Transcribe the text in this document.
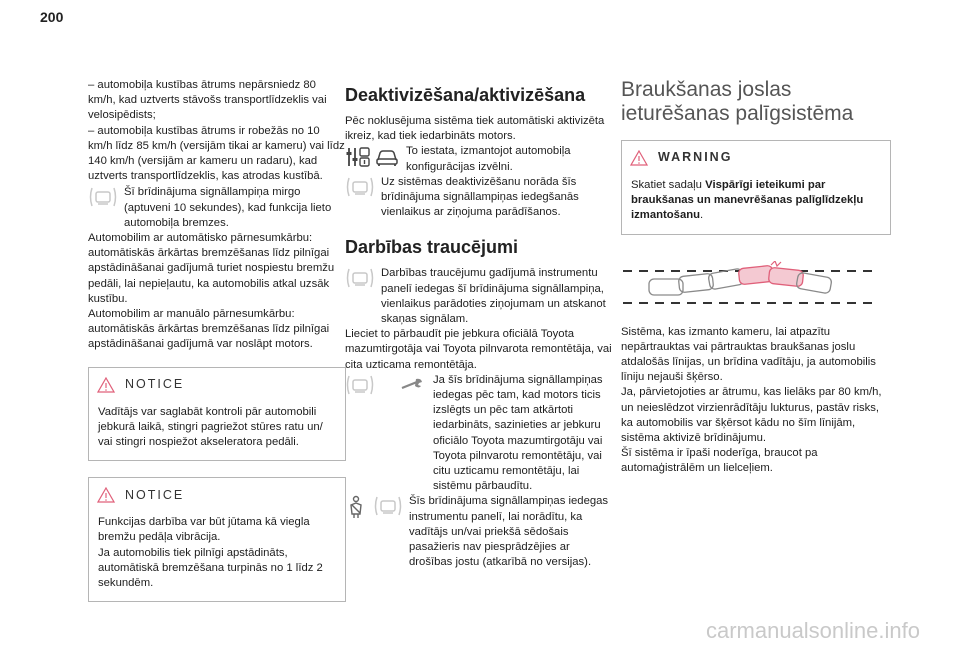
200

– automobiļa kustības ātrums nepārsniedz 80 km/h, kad uztverts stāvošs transportlīdzeklis vai velosipēdists;

– automobiļa kustības ātrums ir robežās no 10 km/h līdz 85 km/h (versijām tikai ar kameru) vai līdz 140 km/h (versijām ar kameru un radaru), kad uztverts transportlīdzeklis, kas atrodas kustībā.

Šī brīdinājuma signāllampiņa mirgo (aptuveni 10 sekundes), kad funkcija lieto automobiļa bremzes.

Automobilim ar automātisko pārnesumkārbu: automātiskās ārkārtas bremzēšanas līdz pilnīgai apstādināšanai gadījumā turiet nospiestu bremžu pedāli, lai nepieļautu, ka automobilis atkal uzsāk kustību.

Automobilim ar manuālo pārnesumkārbu: automātiskās ārkārtas bremzēšanas līdz pilnīgai apstādināšanai gadījumā var noslāpt motors.

NOTICE
Vadītājs var saglabāt kontroli pār automobili jebkurā laikā, stingri pagriežot stūres ratu un/ vai stingri nospiežot akseleratora pedāli.
NOTICE
Funkcijas darbība var būt jūtama kā viegla bremžu pedāļa vibrācija.
Ja automobilis tiek pilnīgi apstādināts, automātiskā bremzēšana turpinās no 1 līdz 2 sekundēm.
Deaktivizēšana/aktivizēšana

Pēc noklusējuma sistēma tiek automātiski aktivizēta ikreiz, kad tiek iedarbināts motors.

To iestata, izmantojot automobiļa konfigurācijas izvēlni.

Uz sistēmas deaktivizēšanu norāda šīs brīdinājuma signāllampiņas iedegšanās vienlaikus ar ziņojuma parādīšanos.

Darbības traucējumi

Darbības traucējumu gadījumā instrumentu panelī iedegas šī brīdinājuma signāllampiņa, vienlaikus parādoties ziņojumam un atskanot skaņas signālam.

Lieciet to pārbaudīt pie jebkura oficiālā Toyota mazumtirgotāja vai Toyota pilnvarota remontētāja, vai cita uzticama remontētāja.

Ja šīs brīdinājuma signāllampiņas iedegas pēc tam, kad motors ticis izslēgts un pēc tam atkārtoti iedarbināts, sazinieties ar jebkuru oficiālo Toyota mazumtirgotāju vai Toyota pilnvarotu remontētāju, vai citu uzticamu remontētāju, lai sistēmu pārbaudītu.

Šīs brīdinājuma signāllampiņas iedegas instrumentu panelī, lai norādītu, ka vadītājs un/vai priekšā sēdošais pasažieris nav piesprādzējies ar drošības jostu (atkarībā no versijas).

Braukšanas joslas
ieturēšanas palīgsistēma
WARNING
Skatiet sadaļu Vispārīgi ieteikumi par braukšanas un manevrēšanas palīglīdzekļu izmantošanu.

Sistēma, kas izmanto kameru, lai atpazītu nepārtrauktas vai pārtrauktas braukšanas joslu atdalošās līnijas, un brīdina vadītāju, ja automobilis līniju nejauši šķērso.

Ja, pārvietojoties ar ātrumu, kas lielāks par 80 km/h, un neieslēdzot virzienrādītāju lukturus, pastāv risks, ka automobilis var šķērsot kādu no šīm līnijām, sistēma aktivizē brīdinājumu.

Šī sistēma ir īpaši noderīga, braucot pa automaģistrālēm un lielceļiem.

carmanualsonline.info
